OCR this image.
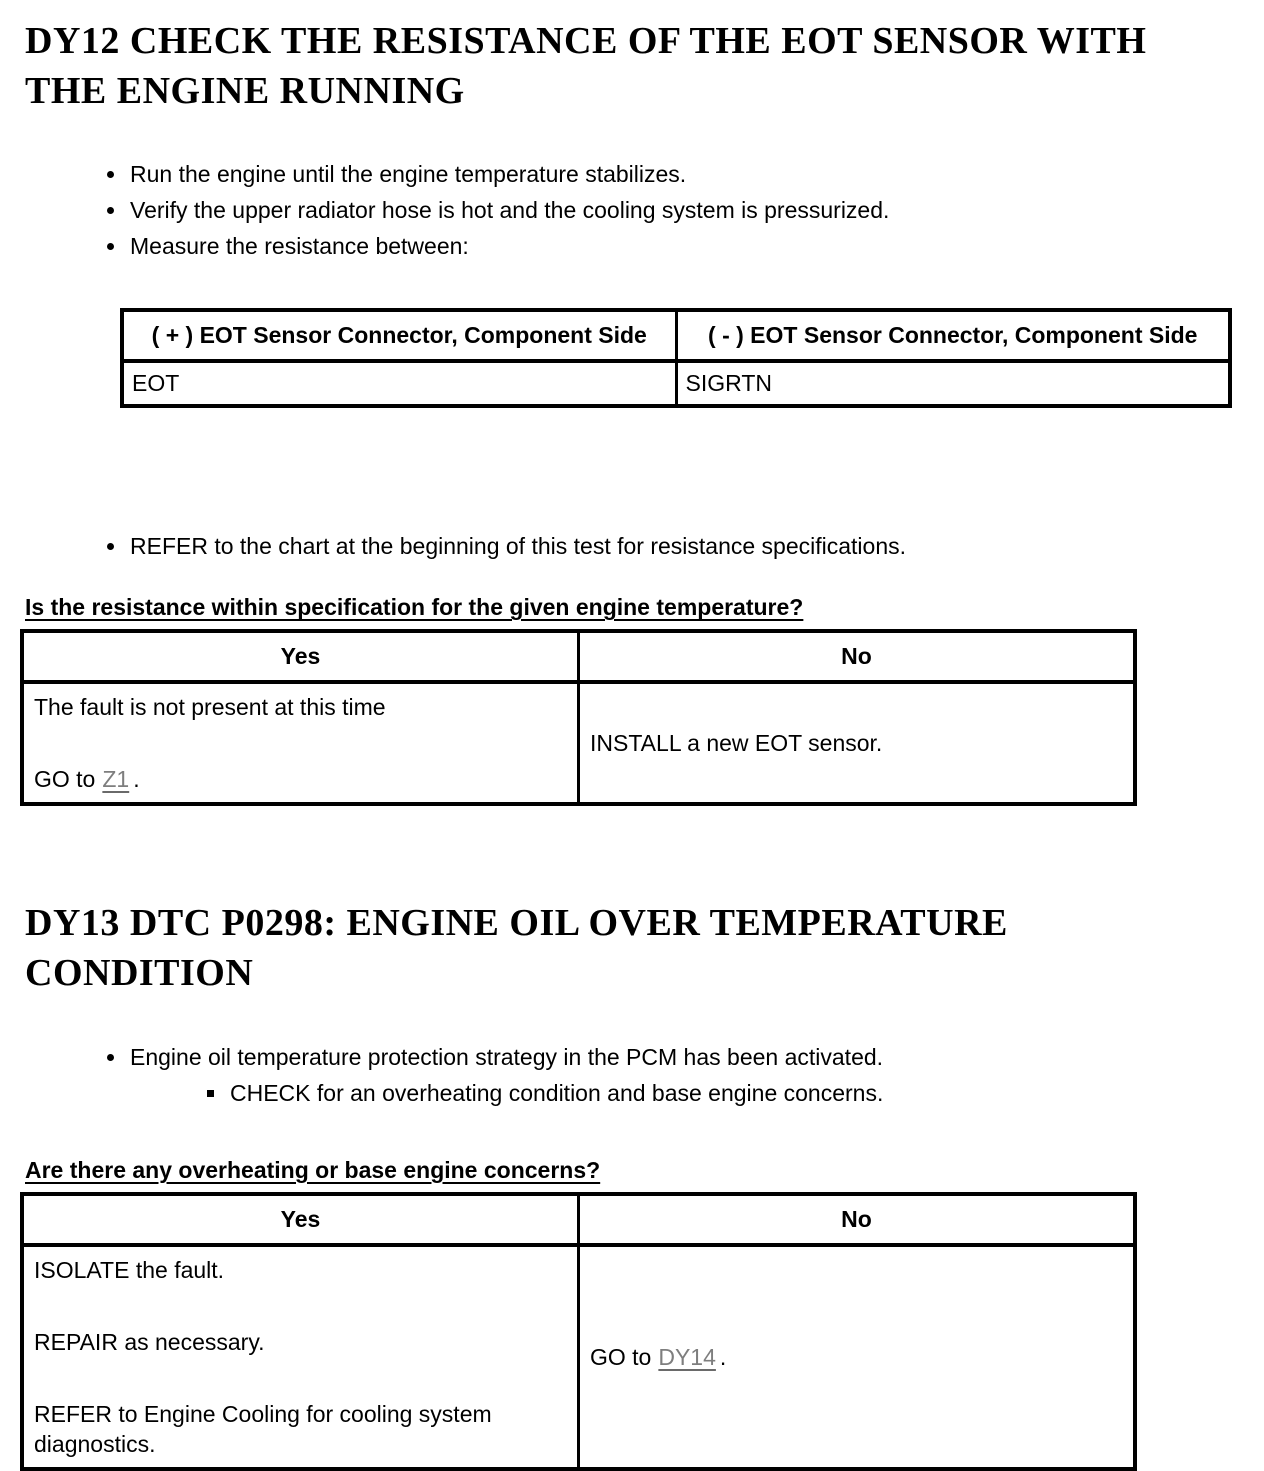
DY12 CHECK THE RESISTANCE OF THE EOT SENSOR WITH THE ENGINE RUNNING
• Run the engine until the engine temperature stabilizes.
• Verify the upper radiator hose is hot and the cooling system is pressurized.
• Measure the resistance between:
( + ) EOT Sensor Connector, Component Side	( - ) EOT Sensor Connector, Component Side
EOT	SIGRTN
• REFER to the chart at the beginning of this test for resistance specifications.

Is the resistance within specification for the given engine temperature?

Yes	No

The fault is not present at this time

GO to Z1 .	INSTALL a new EOT sensor.

DY13 DTC P0298: ENGINE OIL OVER TEMPERATURE CONDITION
• Engine oil temperature protection strategy in the PCM has been activated.
▪ CHECK for an overheating condition and base engine concerns.

Are there any overheating or base engine concerns?

Yes	No

ISOLATE the fault.

REPAIR as necessary.

REFER to Engine Cooling for cooling system diagnostics.	GO to DY14 .
